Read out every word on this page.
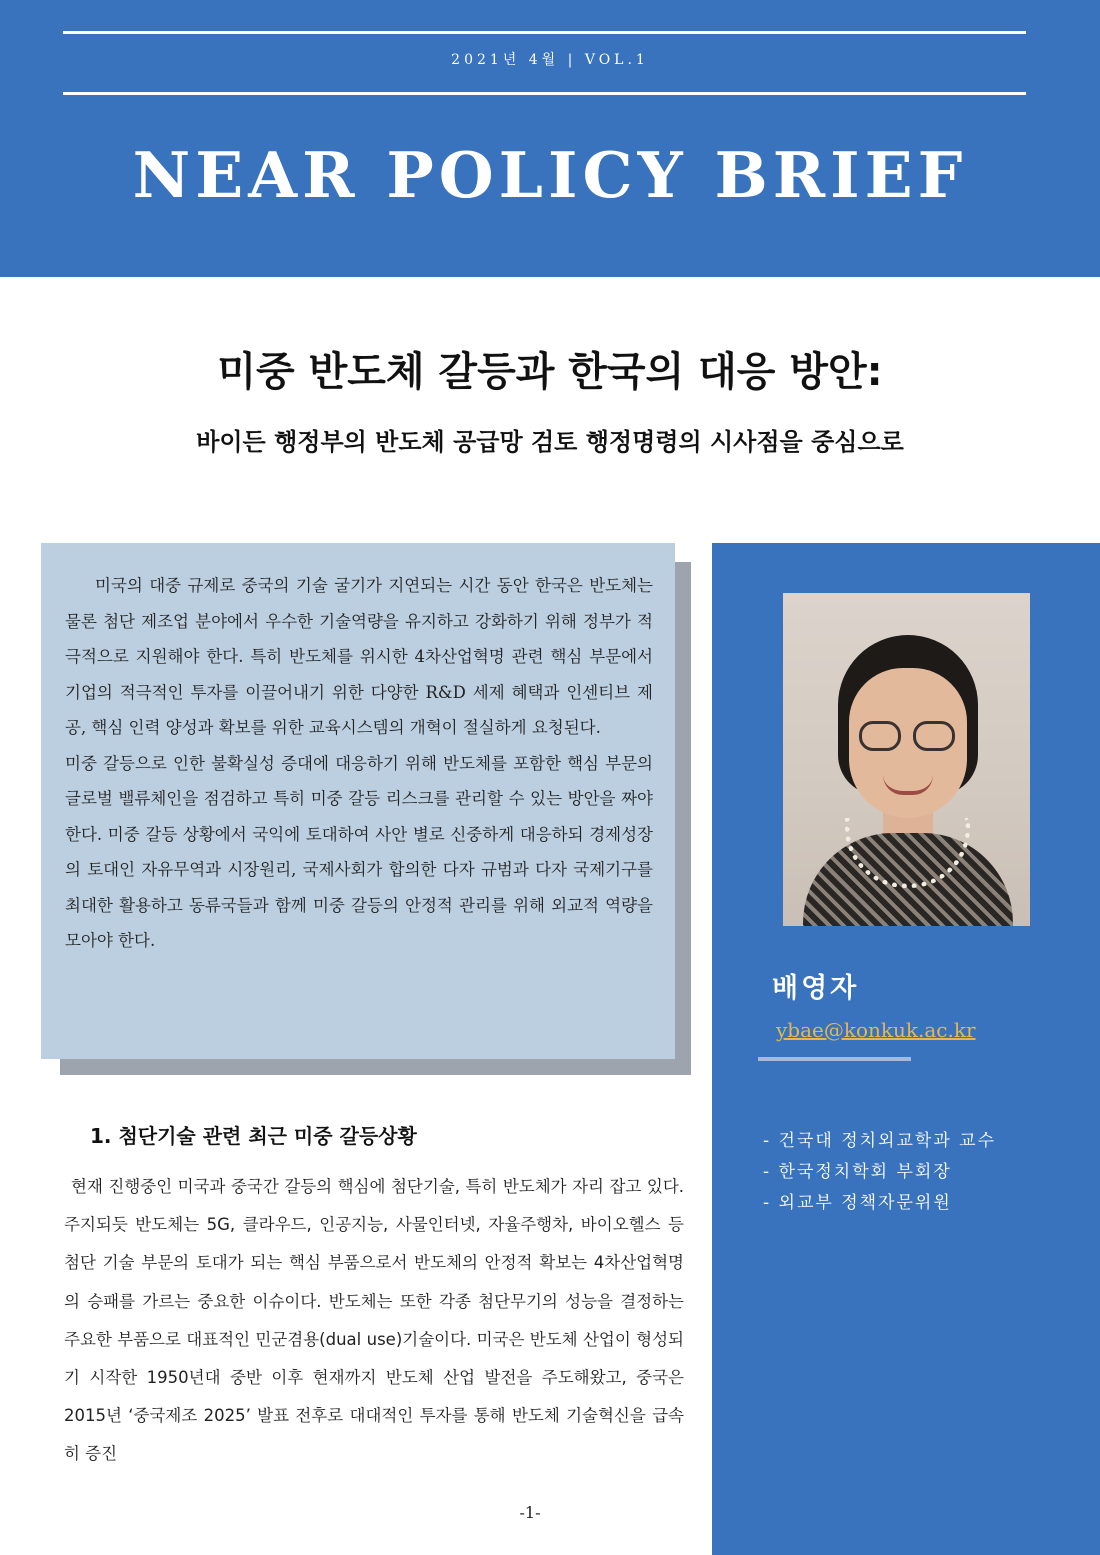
2021년 4월 | VOL.1
NEAR POLICY BRIEF
미중 반도체 갈등과 한국의 대응 방안:
바이든 행정부의 반도체 공급망 검토 행정명령의 시사점을 중심으로

미국의 대중 규제로 중국의 기술 굴기가 지연되는 시간 동안 한국은 반도체는 물론 첨단 제조업 분야에서 우수한 기술역량을 유지하고 강화하기 위해 정부가 적극적으로 지원해야 한다. 특히 반도체를 위시한 4차산업혁명 관련 핵심 부문에서 기업의 적극적인 투자를 이끌어내기 위한 다양한 R&D 세제 혜택과 인센티브 제공, 핵심 인력 양성과 확보를 위한 교육시스템의 개혁이 절실하게 요청된다.

미중 갈등으로 인한 불확실성 증대에 대응하기 위해 반도체를 포함한 핵심 부문의 글로벌 밸류체인을 점검하고 특히 미중 갈등 리스크를 관리할 수 있는 방안을 짜야 한다. 미중 갈등 상황에서 국익에 토대하여 사안 별로 신중하게 대응하되 경제성장의 토대인 자유무역과 시장원리, 국제사회가 합의한 다자 규범과 다자 국제기구를 최대한 활용하고 동류국들과 함께 미중 갈등의 안정적 관리를 위해 외교적 역량을 모아야 한다.

배영자
ybae@konkuk.ac.kr
- 건국대 정치외교학과 교수
- 한국정치학회 부회장
- 외교부 정책자문위원
1. 첨단기술 관련 최근 미중 갈등상황

현재 진행중인 미국과 중국간 갈등의 핵심에 첨단기술, 특히 반도체가 자리 잡고 있다. 주지되듯 반도체는 5G, 클라우드, 인공지능, 사물인터넷, 자율주행차, 바이오헬스 등 첨단 기술 부문의 토대가 되는 핵심 부품으로서 반도체의 안정적 확보는 4차산업혁명의 승패를 가르는 중요한 이슈이다. 반도체는 또한 각종 첨단무기의 성능을 결정하는 주요한 부품으로 대표적인 민군겸용(dual use)기술이다. 미국은 반도체 산업이 형성되기 시작한 1950년대 중반 이후 현재까지 반도체 산업 발전을 주도해왔고, 중국은 2015년 ‘중국제조 2025’ 발표 전후로 대대적인 투자를 통해 반도체 기술혁신을 급속히 증진

-1-
